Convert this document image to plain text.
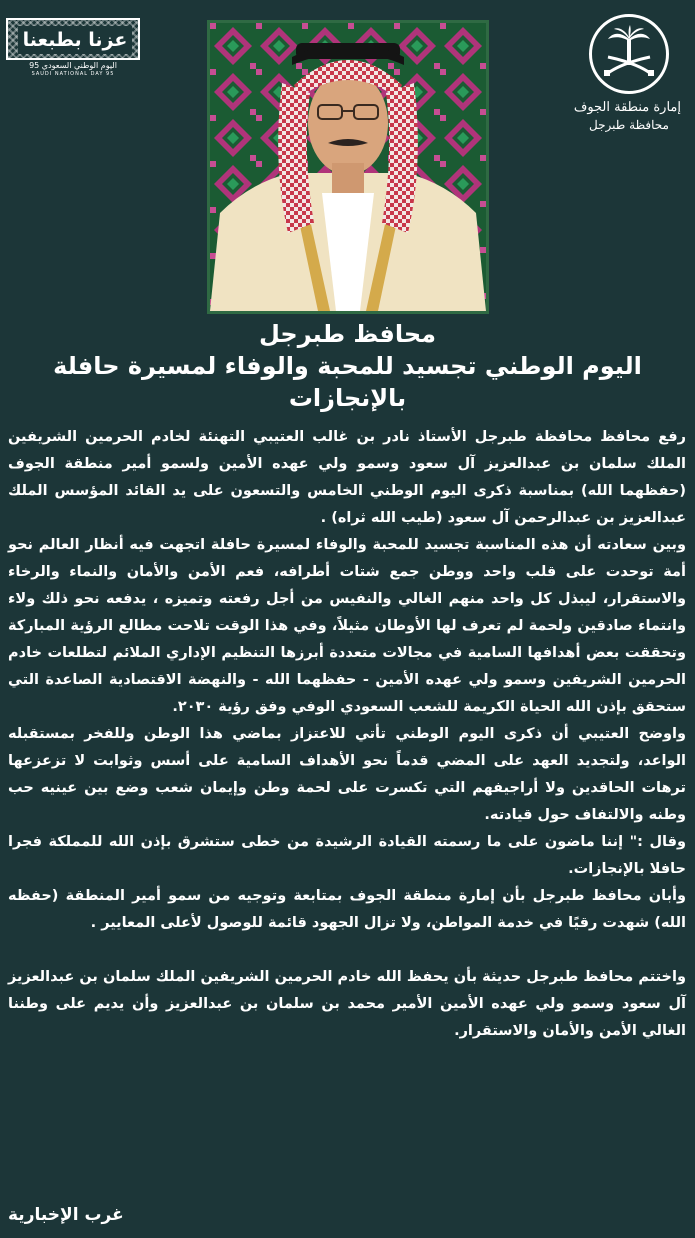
عزنا بطبعنا
اليوم الوطني السعودي 95
SAUDI NATIONAL DAY 95
إمارة منطقة الجوف
محافظة طبرجل
محافظ طبرجل
اليوم الوطني تجسيد للمحبة والوفاء لمسيرة حافلة
بالإنجازات

رفع محافظ محافظة طبرجل الأستاذ نادر بن غالب العتيبي التهنئة لخادم الحرمين الشريفين الملك سلمان بن عبدالعزيز آل سعود وسمو ولي عهده الأمين ولسمو أمير منطقة الجوف (حفظهما الله) بمناسبة ذكرى اليوم الوطني الخامس والتسعون على يد القائد المؤسس الملك عبدالعزيز بن عبدالرحمن آل سعود (طيب الله ثراه) .

وبين سعادته أن هذه المناسبة تجسيد للمحبة والوفاء لمسيرة حافلة اتجهت فيه أنظار العالم نحو أمة توحدت على قلب واحد ووطن جمع شتات أطرافه، فعم الأمن والأمان والنماء والرخاء والاستقرار، ليبذل كل واحد منهم الغالي والنفيس من أجل رفعته وتميزه ، يدفعه نحو ذلك ولاء وانتماء صادقين ولحمة لم تعرف لها الأوطان مثيلاً، وفي هذا الوقت تلاحت مطالع الرؤية المباركة وتحققت بعض أهدافها السامية في مجالات متعددة أبرزها التنظيم الإداري الملائم لتطلعات خادم الحرمين الشريفين وسمو ولي عهده الأمين - حفظهما الله - والنهضة الاقتصادية الصاعدة التي ستحقق بإذن الله الحياة الكريمة للشعب السعودي الوفي وفق رؤية ٢٠٣٠.

واوضح العتيبي أن ذكرى اليوم الوطني تأتي للاعتزاز بماضي هذا الوطن وللفخر بمستقبله الواعد، ولتجديد العهد على المضي قدماً نحو الأهداف السامية على أسس وثوابت لا تزعزعها ترهات الحاقدين ولا أراجيفهم التي تكسرت على لحمة وطن وإيمان شعب وضع بين عينيه حب وطنه والالتفاف حول قيادته.

وقال :" إننا ماضون على ما رسمته القيادة الرشيدة من خطى ستشرق بإذن الله للمملكة فجرا حافلا بالإنجازات.

وأبان محافظ طبرجل بأن إمارة منطقة الجوف بمتابعة وتوجيه من سمو أمير المنطقة (حفظه الله) شهدت رقيًا في خدمة المواطن، ولا تزال الجهود قائمة للوصول لأعلى المعايير .

واختتم محافظ طبرجل حديثة بأن يحفظ الله خادم الحرمين الشريفين الملك سلمان بن عبدالعزيز آل سعود وسمو ولي عهده الأمين الأمير محمد بن سلمان بن عبدالعزيز وأن يديم على وطننا الغالي الأمن والأمان والاستقرار.

غرب الإخبارية
